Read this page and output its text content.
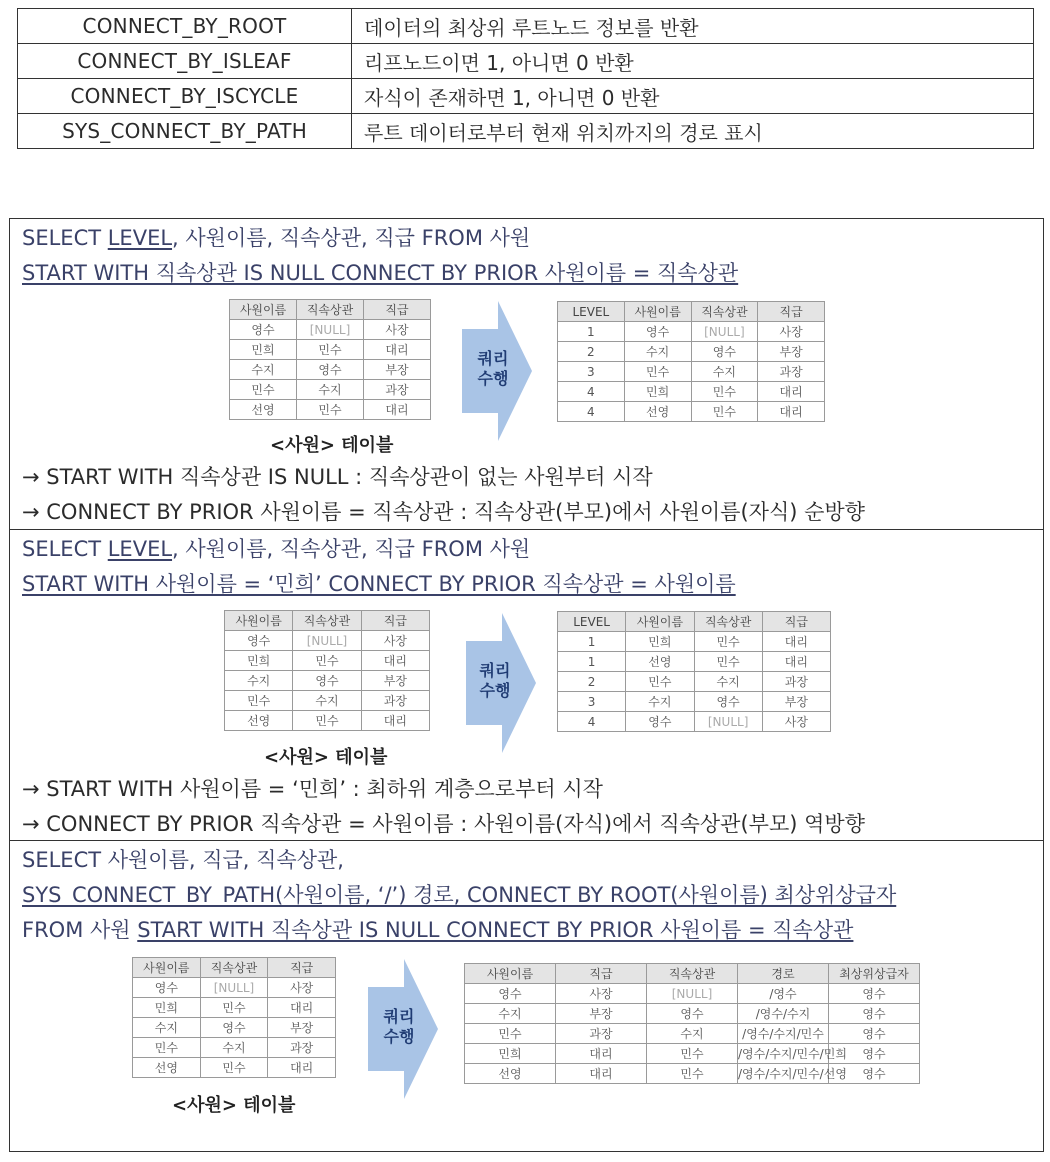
CONNECT_BY_ROOT	데이터의 최상위 루트노드 정보를 반환
CONNECT_BY_ISLEAF	리프노드이면 1, 아니면 0 반환
CONNECT_BY_ISCYCLE	자식이 존재하면 1, 아니면 0 반환
SYS_CONNECT_BY_PATH	루트 데이터로부터 현재 위치까지의 경로 표시
SELECT LEVEL, 사원이름, 직속상관, 직급 FROM 사원
START WITH 직속상관 IS NULL CONNECT BY PRIOR 사원이름 = 직속상관
사원이름	직속상관	직급
영수	[NULL]	사장
민희	민수	대리
수지	영수	부장
민수	수지	과장
선영	민수	대리
<사원> 테이블
쿼리
수행
LEVEL	사원이름	직속상관	직급
1	영수	[NULL]	사장
2	수지	영수	부장
3	민수	수지	과장
4	민희	민수	대리
4	선영	민수	대리
→ START WITH 직속상관 IS NULL : 직속상관이 없는 사원부터 시작
→ CONNECT BY PRIOR 사원이름 = 직속상관 : 직속상관(부모)에서 사원이름(자식) 순방향
SELECT LEVEL, 사원이름, 직속상관, 직급 FROM 사원
START WITH 사원이름 = ‘민희’ CONNECT BY PRIOR 직속상관 = 사원이름
사원이름	직속상관	직급
영수	[NULL]	사장
민희	민수	대리
수지	영수	부장
민수	수지	과장
선영	민수	대리
<사원> 테이블
쿼리
수행
LEVEL	사원이름	직속상관	직급
1	민희	민수	대리
1	선영	민수	대리
2	민수	수지	과장
3	수지	영수	부장
4	영수	[NULL]	사장
→ START WITH 사원이름 = ‘민희’ : 최하위 계층으로부터 시작
→ CONNECT BY PRIOR 직속상관 = 사원이름 : 사원이름(자식)에서 직속상관(부모) 역방향
SELECT 사원이름, 직급, 직속상관,
SYS_CONNECT_BY_PATH(사원이름, ‘/’) 경로, CONNECT BY ROOT(사원이름) 최상위상급자
FROM 사원 START WITH 직속상관 IS NULL CONNECT BY PRIOR 사원이름 = 직속상관
사원이름	직속상관	직급
영수	[NULL]	사장
민희	민수	대리
수지	영수	부장
민수	수지	과장
선영	민수	대리
<사원> 테이블
쿼리
수행
사원이름	직급	직속상관	경로	최상위상급자
영수	사장	[NULL]	/영수	영수
수지	부장	영수	/영수/수지	영수
민수	과장	수지	/영수/수지/민수	영수
민희	대리	민수	/영수/수지/민수/민희	영수
선영	대리	민수	/영수/수지/민수/선영	영수
